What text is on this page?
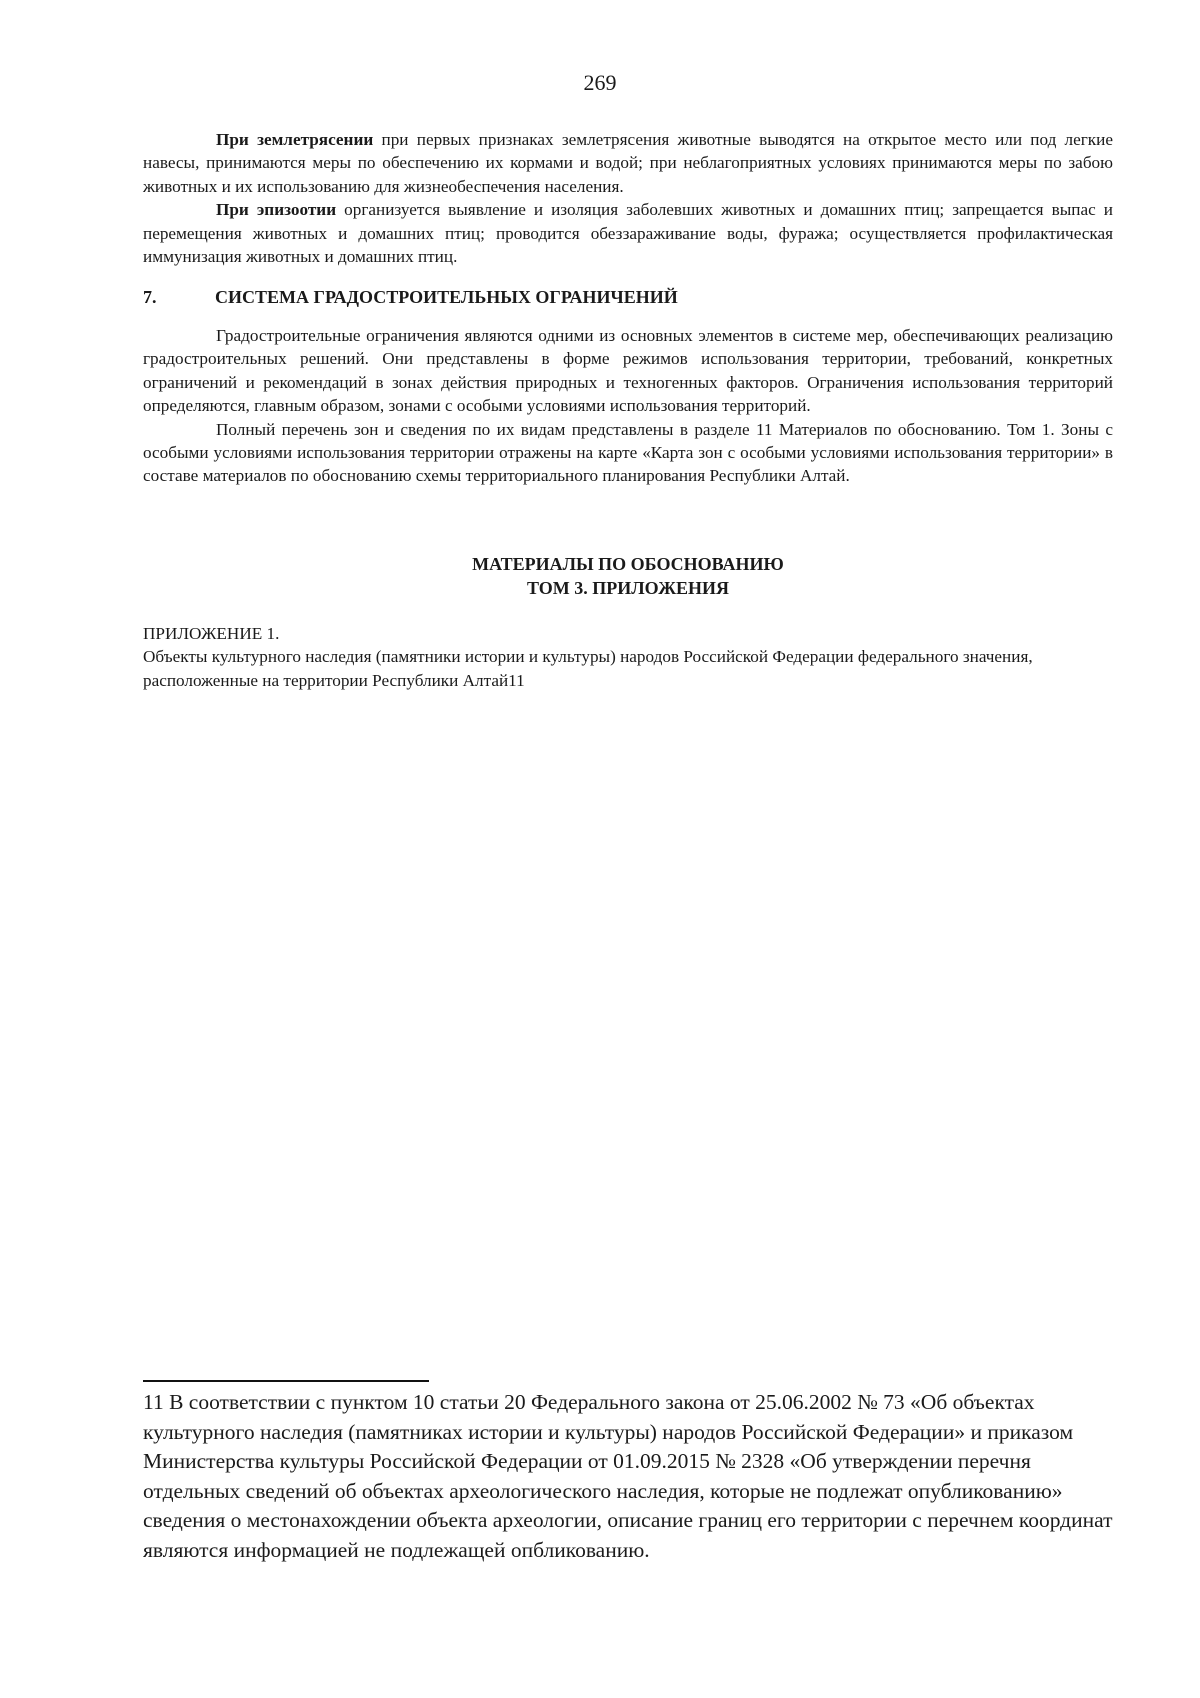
269

При землетрясении при первых признаках землетрясения животные выводятся на открытое место или под легкие навесы, принимаются меры по обеспечению их кормами и водой; при неблагоприятных условиях принимаются меры по забою животных и их использованию для жизнеобеспечения населения.

При эпизоотии организуется выявление и изоляция заболевших животных и домашних птиц; запрещается выпас и перемещения животных и домашних птиц; проводится обеззараживание воды, фуража; осуществляется профилактическая иммунизация животных и домашних птиц.

7.	СИСТЕМА ГРАДОСТРОИТЕЛЬНЫХ ОГРАНИЧЕНИЙ

Градостроительные ограничения являются одними из основных элементов в системе мер, обеспечивающих реализацию градостроительных решений. Они представлены в форме режимов использования территории, требований, конкретных ограничений и рекомендаций в зонах действия природных и техногенных факторов. Ограничения использования территорий определяются, главным образом, зонами с особыми условиями использования территорий.

Полный перечень зон и сведения по их видам представлены в разделе 11 Материалов по обоснованию. Том 1. Зоны с особыми условиями использования территории отражены на карте «Карта зон с особыми условиями использования территории» в составе материалов по обоснованию схемы территориального планирования Республики Алтай.

МАТЕРИАЛЫ ПО ОБОСНОВАНИЮ
ТОМ 3. ПРИЛОЖЕНИЯ
ПРИЛОЖЕНИЕ 1.
Объекты культурного наследия (памятники истории и культуры) народов Российской Федерации федерального значения, расположенные на территории Республики Алтай11
11 В соответствии с пунктом 10 статьи 20 Федерального закона от 25.06.2002 № 73 «Об объектах культурного наследия (памятниках истории и культуры) народов Российской Федерации» и приказом Министерства культуры Российской Федерации от 01.09.2015 № 2328 «Об утверждении перечня отдельных сведений об объектах археологического наследия, которые не подлежат опубликованию» сведения о местонахождении объекта археологии, описание границ его территории с перечнем координат являются информацией не подлежащей опбликованию.
